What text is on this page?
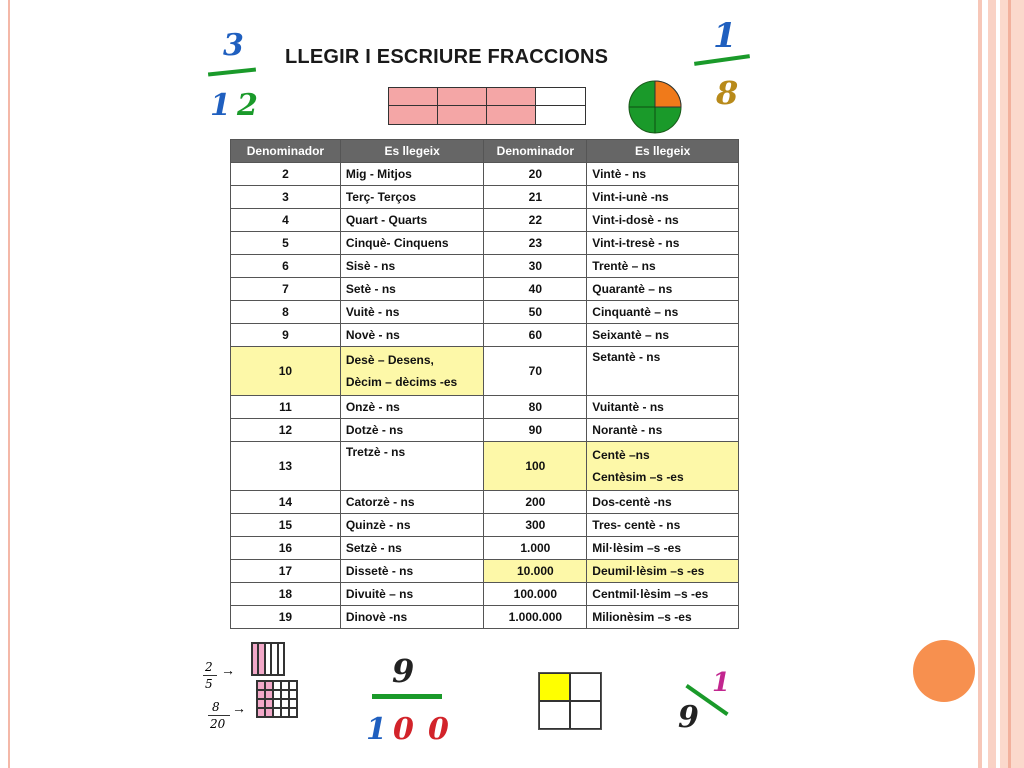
LLEGIR I ESCRIURE FRACCIONS
3
1 2
1
8
Denominador	Es llegeix	Denominador	Es llegeix
2	Mig - Mitjos	20	Vintè - ns
3	Terç- Terços	21	Vint-i-unè -ns
4	Quart - Quarts	22	Vint-i-dosè - ns
5	Cinquè- Cinquens	23	Vint-i-tresè - ns
6	Sisè - ns	30	Trentè – ns
7	Setè - ns	40	Quarantè – ns
8	Vuitè - ns	50	Cinquantè – ns
9	Novè - ns	60	Seixantè – ns
10	Desè – Desens,
Dècim – dècims -es	70	Setantè - ns
11	Onzè - ns	80	Vuitantè - ns
12	Dotzè - ns	90	Norantè - ns
13	Tretzè - ns	100	Centè –ns
Centèsim –s -es

14	Catorzè - ns	200	Dos-centè -ns
15	Quinzè - ns	300	Tres- centè - ns
16	Setzè - ns	1.000	Mil·lèsim –s -es
17	Dissetè - ns	10.000	Deumil·lèsim –s -es
18	Divuitè – ns	100.000	Centmil·lèsim –s -es
19	Dinovè -ns	1.000.000	Milionèsim –s -es
2
5
→
8
20
→
9
1 0 0
1
9
